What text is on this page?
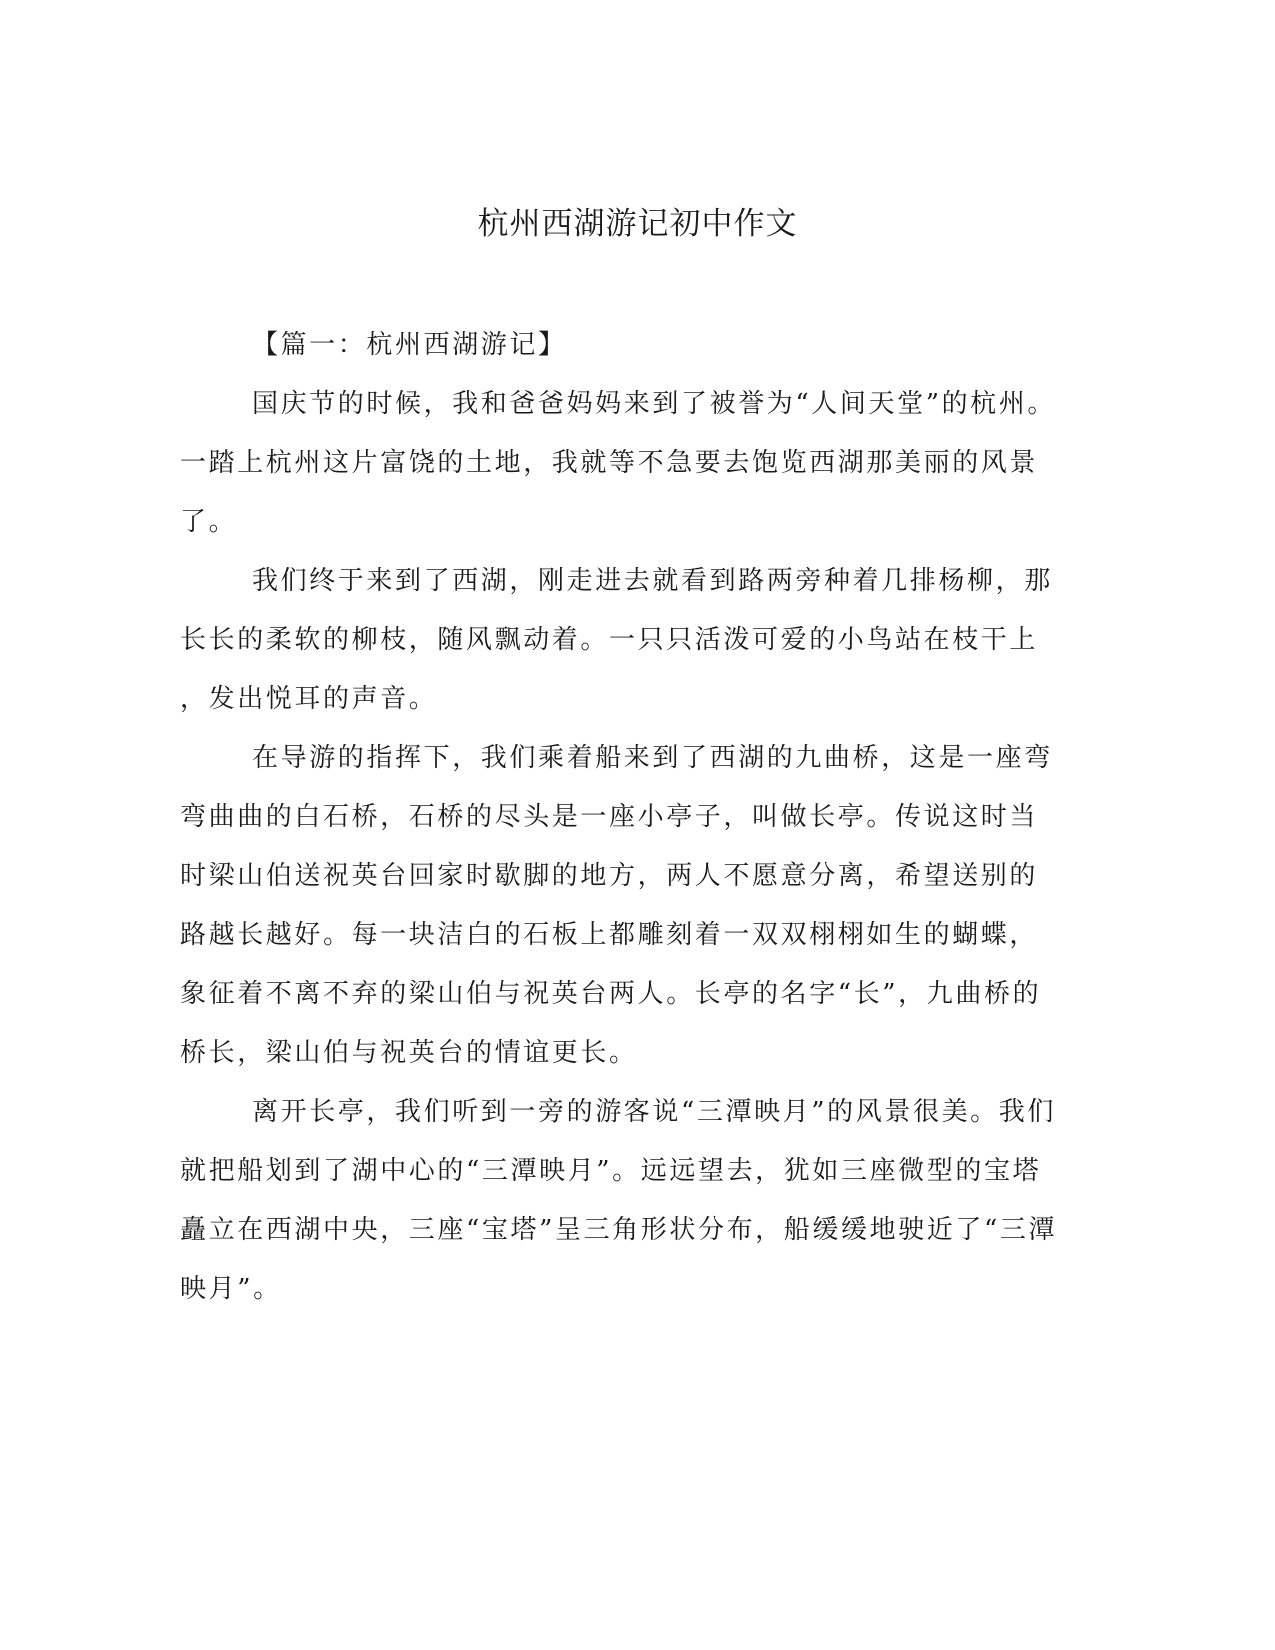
杭州西湖游记初中作文
【篇一：杭州西湖游记】
国庆节的时候，我和爸爸妈妈来到了被誉为“人间天堂”的杭州。
一踏上杭州这片富饶的土地，我就等不急要去饱览西湖那美丽的风景
了。
我们终于来到了西湖，刚走进去就看到路两旁种着几排杨柳，那
长长的柔软的柳枝，随风飘动着。一只只活泼可爱的小鸟站在枝干上
，发出悦耳的声音。
在导游的指挥下，我们乘着船来到了西湖的九曲桥，这是一座弯
弯曲曲的白石桥，石桥的尽头是一座小亭子，叫做长亭。传说这时当
时梁山伯送祝英台回家时歇脚的地方，两人不愿意分离，希望送别的
路越长越好。每一块洁白的石板上都雕刻着一双双栩栩如生的蝴蝶，
象征着不离不弃的梁山伯与祝英台两人。长亭的名字“长”，九曲桥的
桥长，梁山伯与祝英台的情谊更长。
离开长亭，我们听到一旁的游客说“三潭映月”的风景很美。我们
就把船划到了湖中心的“三潭映月”。远远望去，犹如三座微型的宝塔
矗立在西湖中央，三座“宝塔”呈三角形状分布，船缓缓地驶近了“三潭
映月”。
